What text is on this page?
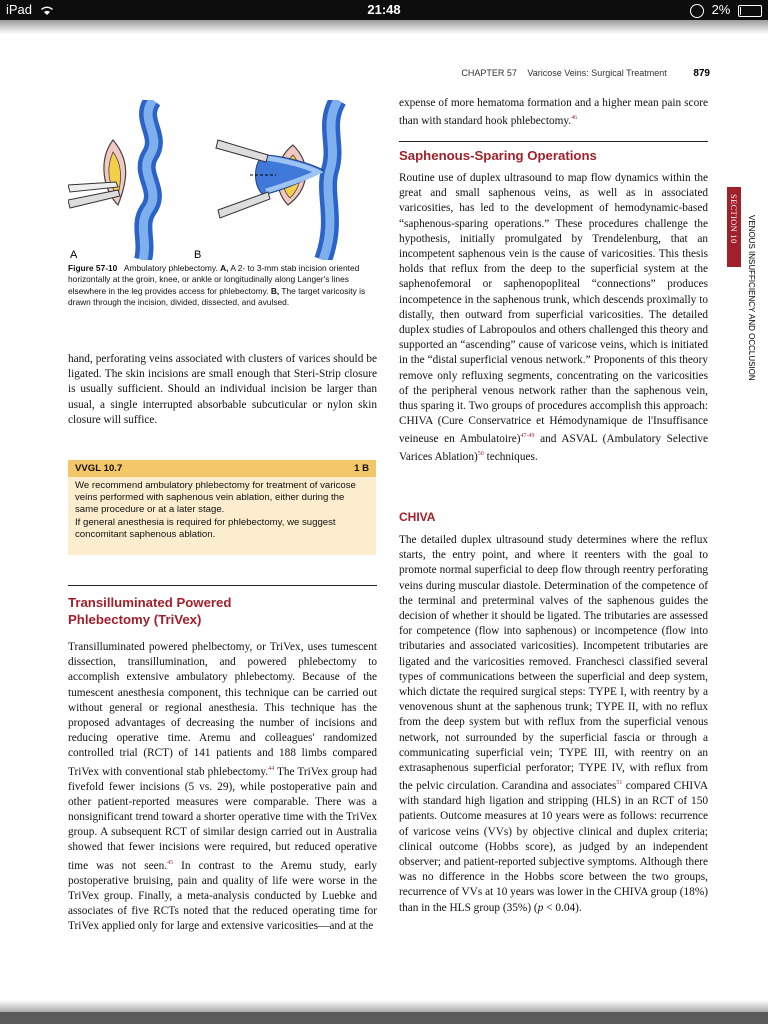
iPad	21:48	2%
CHAPTER 57 Varicose Veins: Surgical Treatment	879
A	B
Figure 57-10 Ambulatory phlebectomy. A, A 2- to 3-mm stab incision oriented horizontally at the groin, knee, or ankle or longitudinally along Langer's lines elsewhere in the leg provides access for phlebectomy. B, The target varicosity is drawn through the incision, divided, dissected, and avulsed.

hand, perforating veins associated with clusters of varices should be ligated. The skin incisions are small enough that Steri-Strip closure is usually sufficient. Should an individual incision be larger than usual, a single interrupted absorbable subcuticular or nylon skin closure will suffice.

VVGL 10.7	1 B
We recommend ambulatory phlebectomy for treatment of varicose veins performed with saphenous vein ablation, either during the same procedure or at a later stage.
If general anesthesia is required for phlebectomy, we suggest concomitant saphenous ablation.
Transilluminated Powered
Phlebectomy (TriVex)

Transilluminated powered phelbectomy, or TriVex, uses tumescent dissection, transillumination, and powered phlebectomy to accomplish extensive ambulatory phlebectomy. Because of the tumescent anesthesia component, this technique can be carried out without general or regional anesthesia. This technique has the proposed advantages of decreasing the number of incisions and reducing operative time. Aremu and colleagues' randomized controlled trial (RCT) of 141 patients and 188 limbs compared TriVex with conventional stab phlebectomy.$^{44}$ The TriVex group had fivefold fewer incisions (5 vs. 29), while postoperative pain and other patient-reported measures were comparable. There was a nonsignificant trend toward a shorter operative time with the TriVex group. A subsequent RCT of similar design carried out in Australia showed that fewer incisions were required, but reduced operative time was not seen.$^{45}$ In contrast to the Aremu study, early postoperative bruising, pain and quality of life were worse in the TriVex group. Finally, a meta-analysis conducted by Luebke and associates of five RCTs noted that the reduced operating time for TriVex applied only for large and extensive varicosities—and at the

expense of more hematoma formation and a higher mean pain score than with standard hook phlebectomy.$^{46}$

Saphenous-Sparing Operations

Routine use of duplex ultrasound to map flow dynamics within the great and small saphenous veins, as well as in associated varicosities, has led to the development of hemodynamic-based “saphenous-sparing operations.” These procedures challenge the hypothesis, initially promulgated by Trendelenburg, that an incompetent saphenous vein is the cause of varicosities. This thesis holds that reflux from the deep to the superficial system at the saphenofemoral or saphenopopliteal “connections” produces incompetence in the saphenous trunk, which descends proximally to distally, then outward from superficial varicosities. The detailed duplex studies of Labropoulos and others challenged this theory and supported an “ascending” cause of varicose veins, which is initiated in the “distal superficial venous network.” Proponents of this theory remove only refluxing segments, concentrating on the varicosities of the peripheral venous network rather than the saphenous vein, thus sparing it. Two groups of procedures accomplish this approach: CHIVA (Cure Conservatrice et Hémodynamique de l'Insuffisance veineuse en Ambulatoire)$^{47-49}$ and ASVAL (Ambulatory Selective Varices Ablation)$^{50}$ techniques.

CHIVA

The detailed duplex ultrasound study determines where the reflux starts, the entry point, and where it reenters with the goal to promote normal superficial to deep flow through reentry perforating veins during muscular diastole. Determination of the competence of the terminal and preterminal valves of the saphenous guides the decision of whether it should be ligated. The tributaries are assessed for competence (flow into saphenous) or incompetence (flow into tributaries and associated varicosities). Incompetent tributaries are ligated and the varicosities removed. Franchesci classified several types of communications between the superficial and deep system, which dictate the required surgical steps: TYPE I, with reentry by a venovenous shunt at the saphenous trunk; TYPE II, with no reflux from the deep system but with reflux from the superficial venous network, not surrounded by the superficial fascia or through a communicating superficial vein; TYPE III, with reentry on an extrasaphenous superficial perforator; TYPE IV, with reflux from the pelvic circulation. Carandina and associates$^{51}$ compared CHIVA with standard high ligation and stripping (HLS) in an RCT of 150 patients. Outcome measures at 10 years were as follows: recurrence of varicose veins (VVs) by objective clinical and duplex criteria; clinical outcome (Hobbs score), as judged by an independent observer; and patient-reported subjective symptoms. Although there was no difference in the Hobbs score between the two groups, recurrence of VVs at 10 years was lower in the CHIVA group (18%) than in the HLS group (35%) (p < 0.04).

SECTION 10 VENOUS INSUFFICIENCY AND OCCLUSION
